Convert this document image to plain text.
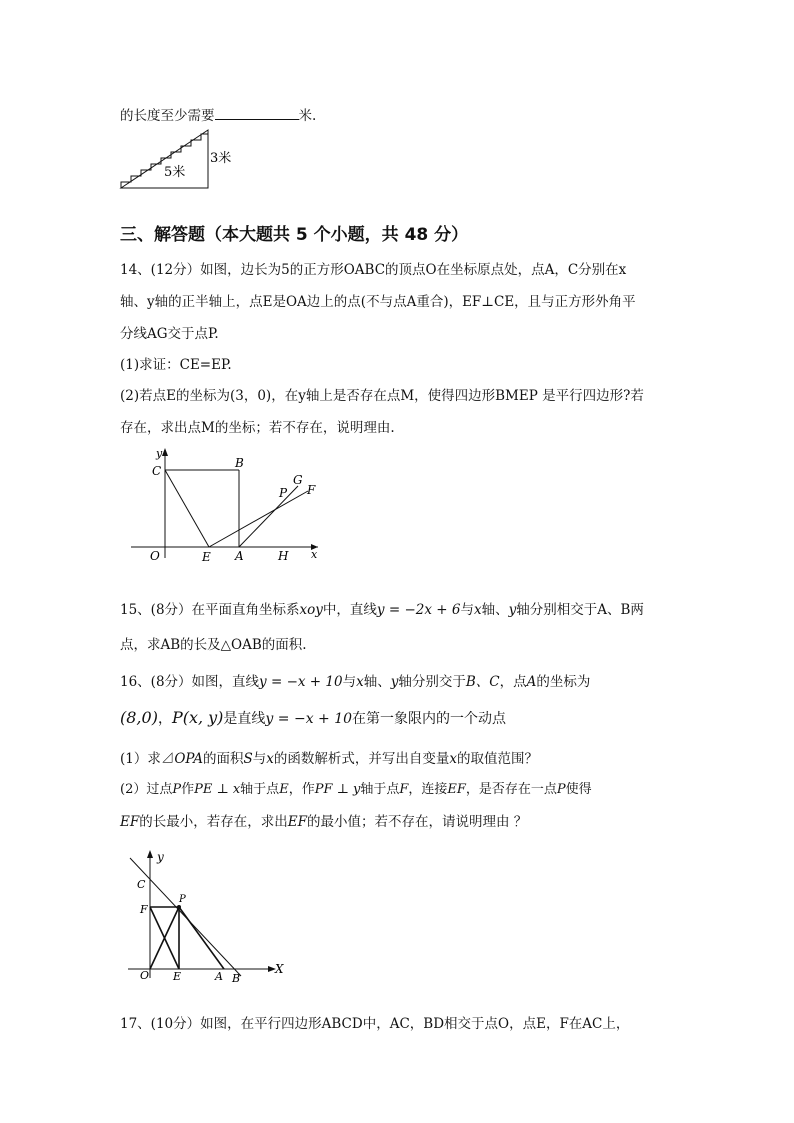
的长度至少需要	米.
5米
3米
三、解答题（本大题共 5 个小题，共 48 分）
14、(12分）如图，边长为5的正方形OABC的顶点O在坐标原点处，点A，C分别在x
轴、y轴的正半轴上，点E是OA边上的点(不与点A重合)，EF⊥CE，且与正方形外角平
分线AG交于点P.
(1)求证：CE=EP.
(2)若点E的坐标为(3，0)，在y轴上是否存在点M，使得四边形BMEP 是平行四边形?若
存在，求出点M的坐标；若不存在，说明理由.
y
C
B
G
P F
O	E A	H x
15、(8分）在平面直角坐标系xoy中，直线y = −2x + 6与x轴、y轴分别相交于A、B两
点，求AB的长及△OAB的面积.
16、(8分）如图，直线y = −x + 10与x轴、y轴分别交于B、C，点A的坐标为
(8,0)，P(x, y)是直线y = −x + 10在第一象限内的一个动点
(1）求⊿OPA的面积S与x的函数解析式，并写出自变量x的取值范围？
(2）过点P作PE ⊥ x轴于点E，作PF ⊥ y轴于点F，连接EF，是否存在一点P使得
EF的长最小，若存在，求出EF的最小值；若不存在，请说明理由 ？
y
C
P
F
O E	A B
X
17、(10分）如图，在平行四边形ABCD中，AC，BD相交于点O，点E，F在AC上，
